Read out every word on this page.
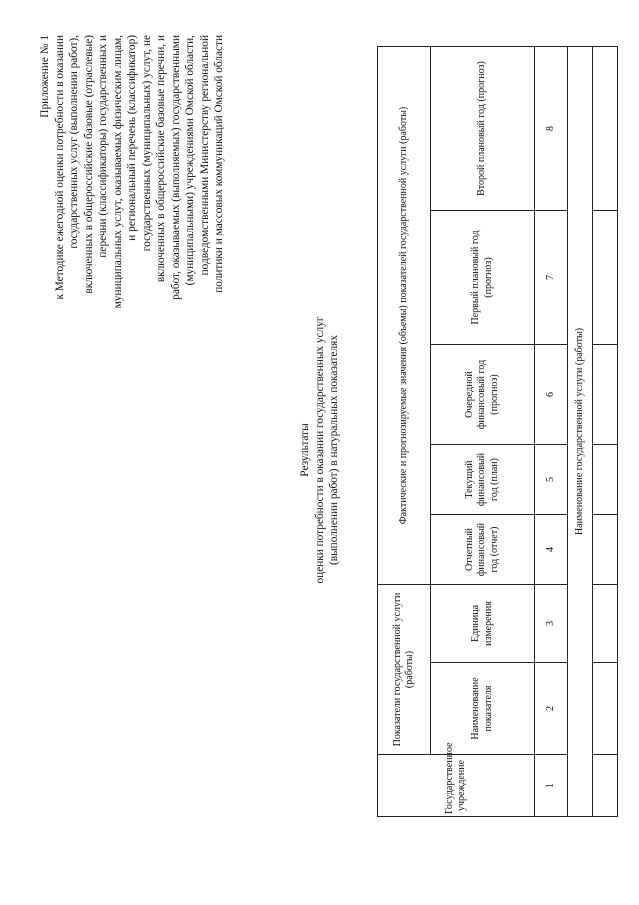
Приложение № 1 к Методике ежегодной оценки потребности в оказании государственных услуг (выполнении работ), включенных в общероссийские базовые (отраслевые) перечни (классификаторы) государственных и муниципальных услут, оказываемых физическим лицам, и региональный перечень (классификатор) государственных (муниципальных) услут, не включенных в общероссийские базовые перечни, и работ, оказываемых (выполняемых) государственными (муниципальными) учреждениями Омской области, подведомственными Министерству региональной политики и массовых коммуникаций Омской области
Результаты оценки потребности в оказании государственных услуг (выполнении работ) в натуральных показателях
Государственное учреждение	Показатели государственной услуги (работы)		Фактические и прогнозируемые значения (объемы) показателей государственной услуги (работы)				
	Наименование показателя	Единица измерения	Отчетный финансовый год (отчет)	Текущий финансовый год (план)	Очередной финансовый год (прогноз)	Первый плановый год (прогноз)	Второй плановый год (прогноз)
1	2	3	4	5	6	7	8
Наименование государственной услуги (работы)							
